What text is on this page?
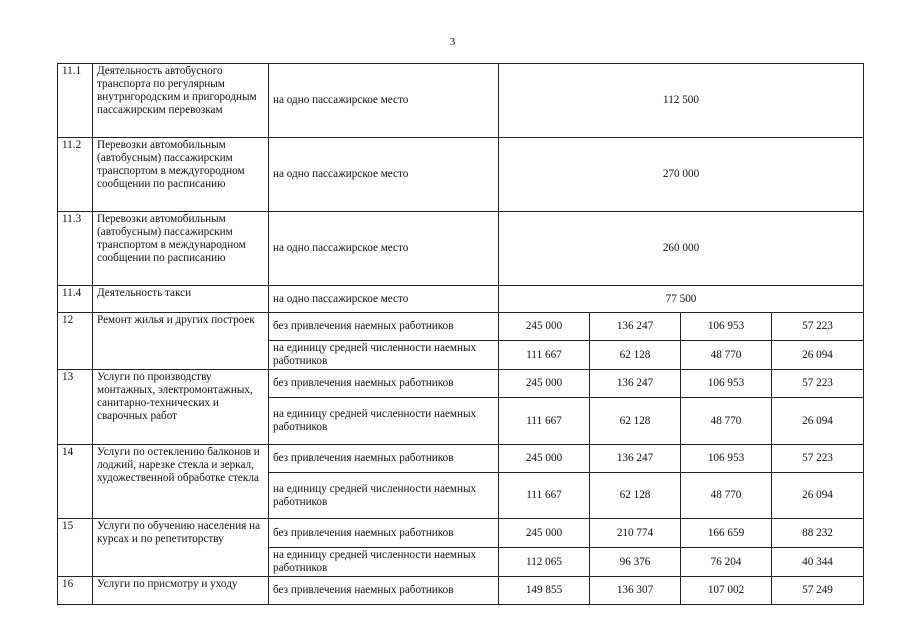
3
11.1	Деятельность автобусного транспорта по регулярным внутригородским и пригородным пассажирским перевозкам	на одно пассажирское место	112 500			
11.2	Перевозки автомобильным (автобусным) пассажирским транспортом в междугородном сообщении по расписанию	на одно пассажирское место	270 000			
11.3	Перевозки автомобильным (автобусным) пассажирским транспортом в международном сообщении по расписанию	на одно пассажирское место	260 000			
11.4	Деятельность такси	на одно пассажирское место	77 500			
12	Ремонт жилья и других построек	без привлечения наемных работников	245 000	136 247	106 953	57 223
		на единицу средней численности наемных работников	111 667	62 128	48 770	26 094
13	Услуги по производству монтажных, электромонтажных, санитарно-технических и сварочных работ	без привлечения наемных работников	245 000	136 247	106 953	57 223
		на единицу средней численности наемных работников	111 667	62 128	48 770	26 094
14	Услуги по остеклению балконов и лоджий, нарезке стекла и зеркал, художественной обработке стекла	без привлечения наемных работников	245 000	136 247	106 953	57 223
		на единицу средней численности наемных работников	111 667	62 128	48 770	26 094
15	Услуги по обучению населения на курсах и по репетиторству	без привлечения наемных работников	245 000	210 774	166 659	88 232
		на единицу средней численности наемных работников	112 065	96 376	76 204	40 344
16	Услуги по присмотру и уходу	без привлечения наемных работников	149 855	136 307	107 002	57 249
